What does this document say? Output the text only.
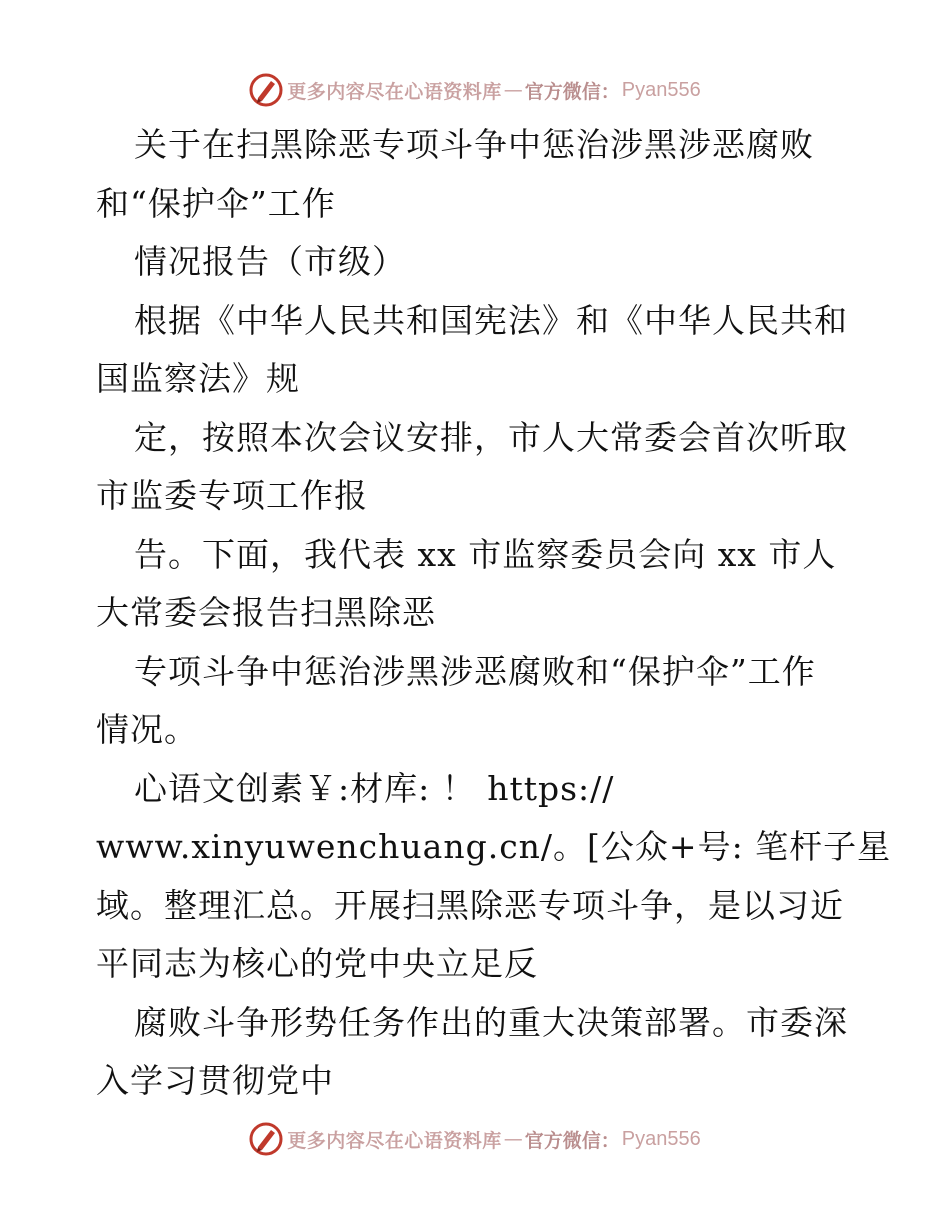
更多内容尽在心语资料库 — 官方微信： Pyan556
关于在扫黑除恶专项斗争中惩治涉黑涉恶腐败
和“保护伞”工作
情况报告（市级）
根据《中华人民共和国宪法》和《中华人民共和
国监察法》规
定，按照本次会议安排，市人大常委会首次听取
市监委专项工作报
告。下面，我代表 xx 市监察委员会向 xx 市人
大常委会报告扫黑除恶
专项斗争中惩治涉黑涉恶腐败和“保护伞”工作
情况。
心语文创素￥:材库: ！ https://
www.xinyuwenchuang.cn/。[公众+号: 笔杆子星
域。整理汇总。开展扫黑除恶专项斗争，是以习近
平同志为核心的党中央立足反
腐败斗争形势任务作出的重大决策部署。市委深
入学习贯彻党中
更多内容尽在心语资料库 — 官方微信： Pyan556
